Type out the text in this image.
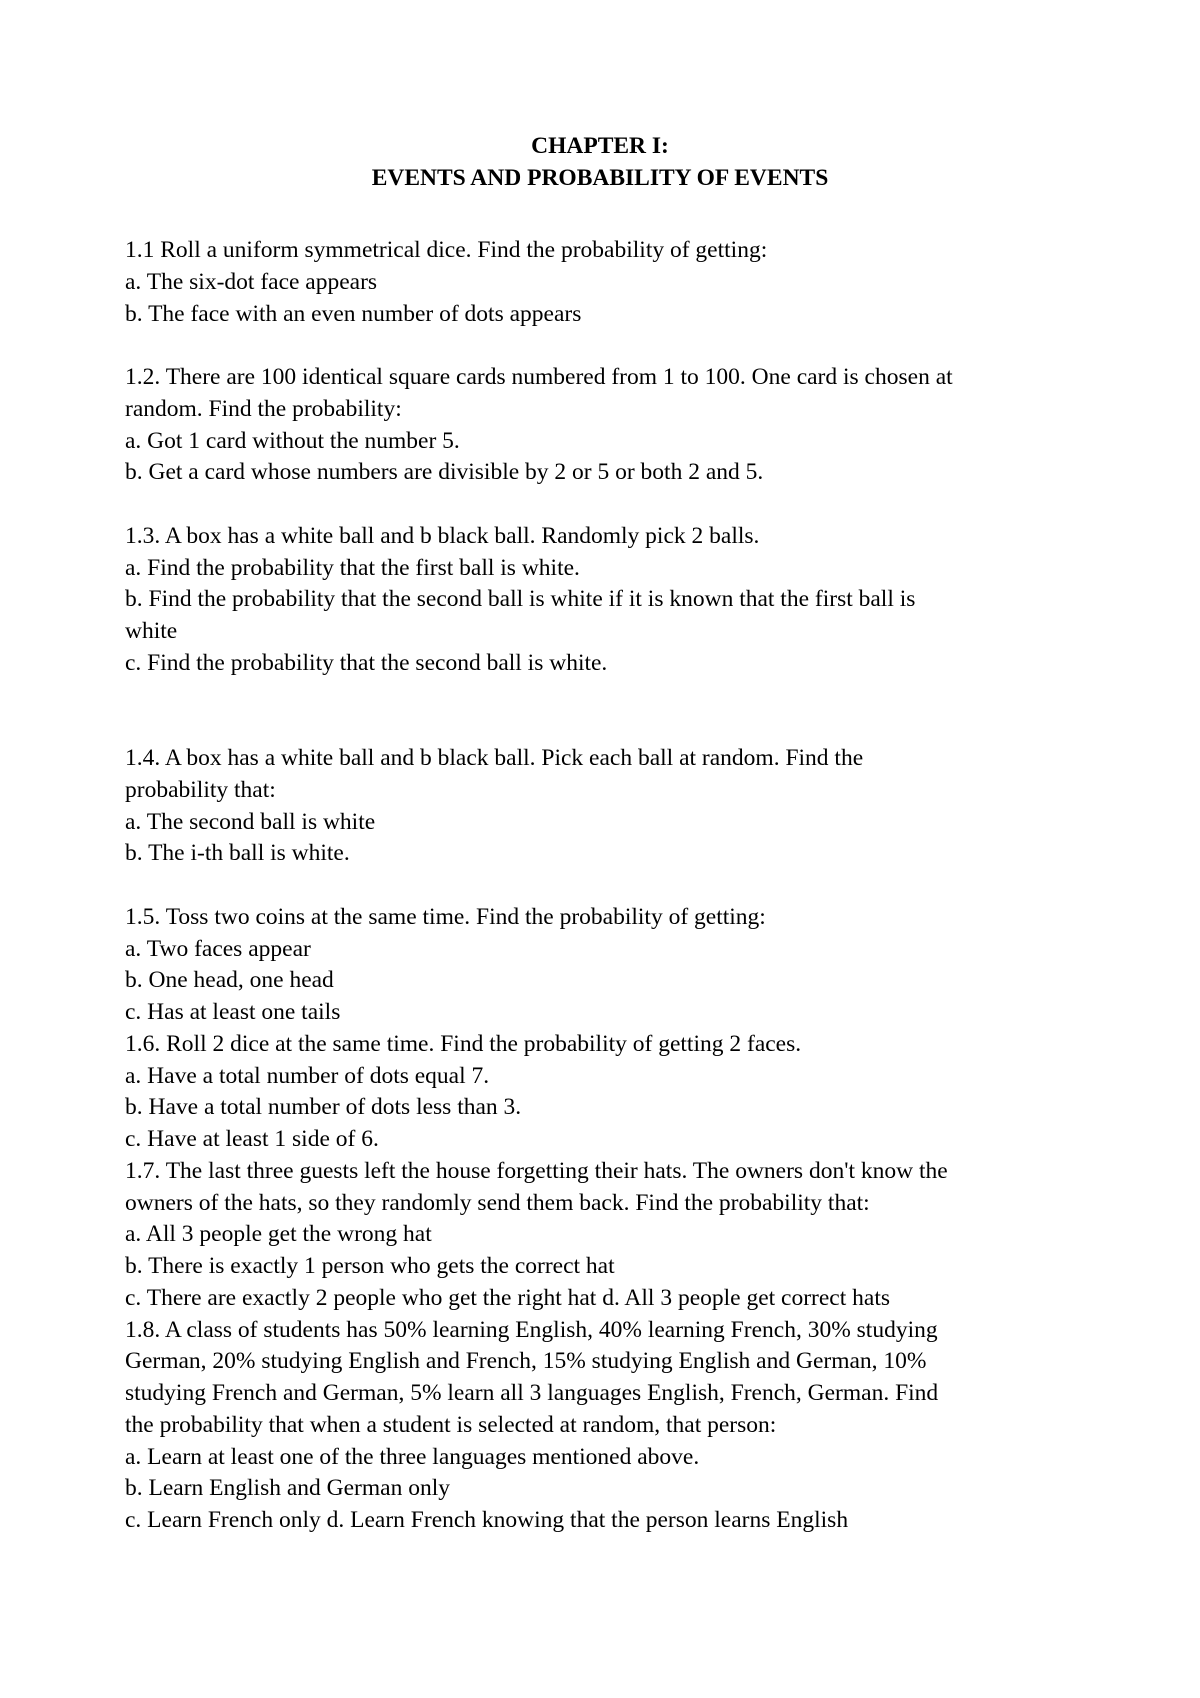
CHAPTER I:
EVENTS AND PROBABILITY OF EVENTS
1.1 Roll a uniform symmetrical dice. Find the probability of getting:
a. The six-dot face appears
b. The face with an even number of dots appears
1.2. There are 100 identical square cards numbered from 1 to 100. One card is chosen at
random. Find the probability:
a. Got 1 card without the number 5.
b. Get a card whose numbers are divisible by 2 or 5 or both 2 and 5.
1.3. A box has a white ball and b black ball. Randomly pick 2 balls.
a. Find the probability that the first ball is white.
b. Find the probability that the second ball is white if it is known that the first ball is
white
c. Find the probability that the second ball is white.
1.4. A box has a white ball and b black ball. Pick each ball at random. Find the
probability that:
a. The second ball is white
b. The i-th ball is white.
1.5. Toss two coins at the same time. Find the probability of getting:
a. Two faces appear
b. One head, one head
c. Has at least one tails
1.6. Roll 2 dice at the same time. Find the probability of getting 2 faces.
a. Have a total number of dots equal 7.
b. Have a total number of dots less than 3.
c. Have at least 1 side of 6.
1.7. The last three guests left the house forgetting their hats. The owners don't know the
owners of the hats, so they randomly send them back. Find the probability that:
a. All 3 people get the wrong hat
b. There is exactly 1 person who gets the correct hat
c. There are exactly 2 people who get the right hat d. All 3 people get correct hats
1.8. A class of students has 50% learning English, 40% learning French, 30% studying
German, 20% studying English and French, 15% studying English and German, 10%
studying French and German, 5% learn all 3 languages English, French, German. Find
the probability that when a student is selected at random, that person:
a. Learn at least one of the three languages mentioned above.
b. Learn English and German only
c. Learn French only d. Learn French knowing that the person learns English
